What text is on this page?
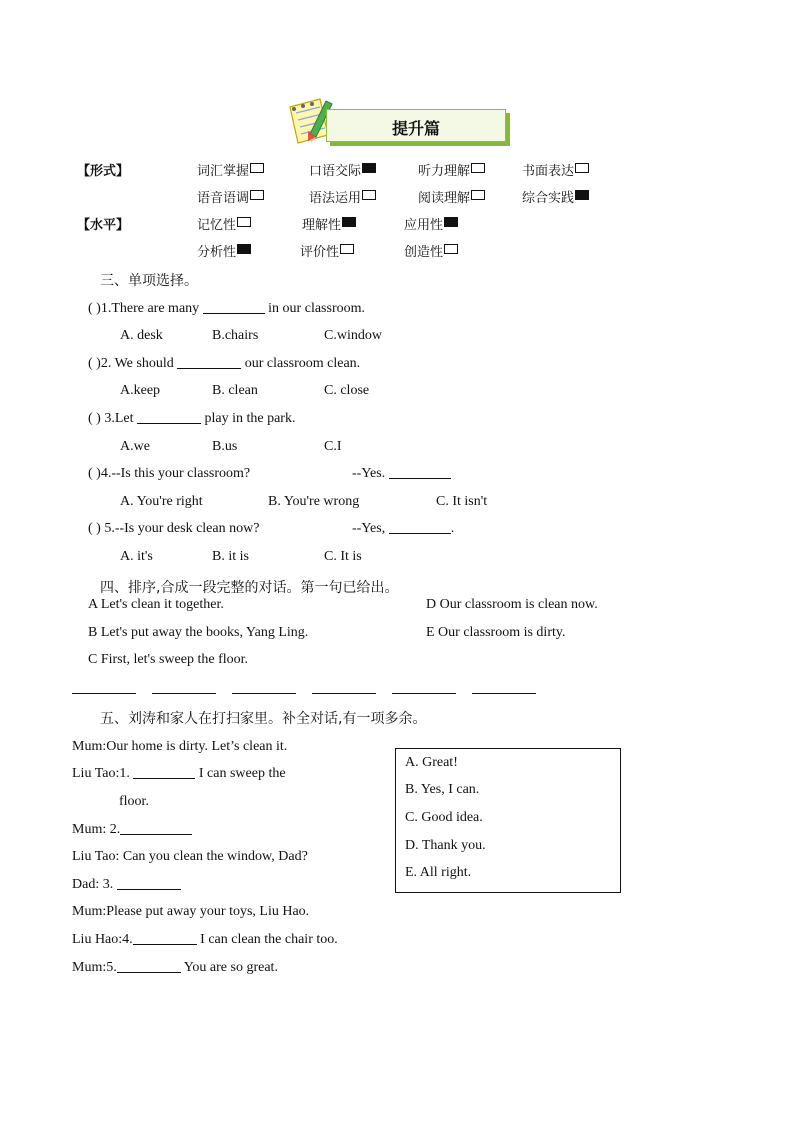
提升篇
【形式】	词汇掌握	口语交际	听力理解	书面表达
语音语调	语法运用	阅读理解	综合实践
【水平】	记忆性	理解性	应用性
分析性	评价性	创造性
三、单项选择。
( )1.There are many	in our classroom.
A. desk	B.chairs	C.window
( )2. We should	our classroom clean.
A.keep	B. clean	C. close
( ) 3.Let	play in the park.
A.we	B.us	C.I
( )4.--Is this your classroom?	--Yes.
A. You're right	B. You're wrong	C. It isn't
( ) 5.--Is your desk clean now?	--Yes,	.
A. it's	B. it is	C. It is
四、排序,合成一段完整的对话。第一句已给出。
A Let's clean it together.	D Our classroom is clean now.
B Let's put away the books, Yang Ling.	E Our classroom is dirty.
C First, let's sweep the floor.
五、刘涛和家人在打扫家里。补全对话,有一项多余。
Mum:Our home is dirty. Let’s clean it.
Liu Tao:1.	I can sweep the
floor.
Mum: 2.
Liu Tao: Can you clean the window, Dad?
Dad: 3.
Mum:Please put away your toys, Liu Hao.
Liu Hao:4.	I can clean the chair too.
Mum:5.	You are so great.
A. Great!
B. Yes, I can.
C. Good idea.
D. Thank you.
E. All right.
